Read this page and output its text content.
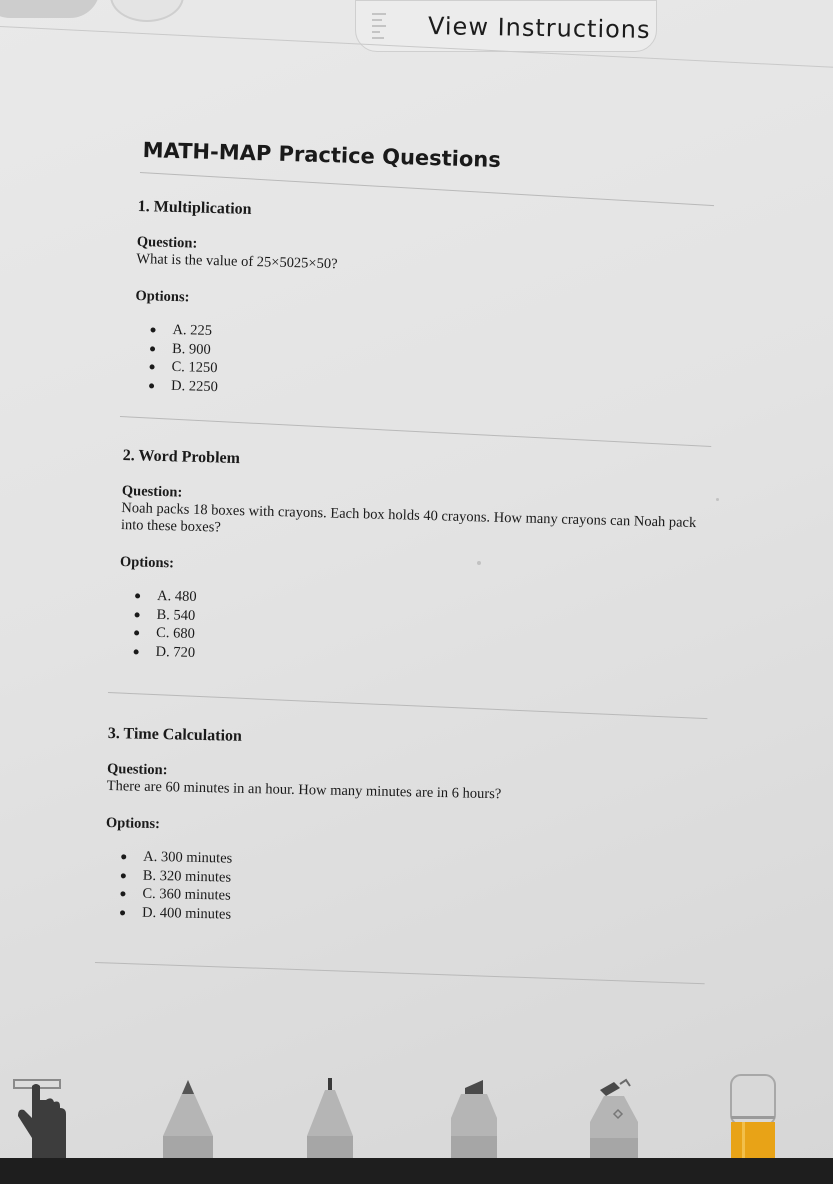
View Instructions
MATH-MAP Practice Questions

1. Multiplication

Question:

What is the value of 25×5025×50?

Options:

A. 225
B. 900
C. 1250
D. 2250

2. Word Problem

Question:

Noah packs 18 boxes with crayons. Each box holds 40 crayons. How many crayons can Noah pack into these boxes?

Options:

A. 480
B. 540
C. 680
D. 720

3. Time Calculation

Question:

There are 60 minutes in an hour. How many minutes are in 6 hours?

Options:

A. 300 minutes
B. 320 minutes
C. 360 minutes
D. 400 minutes
